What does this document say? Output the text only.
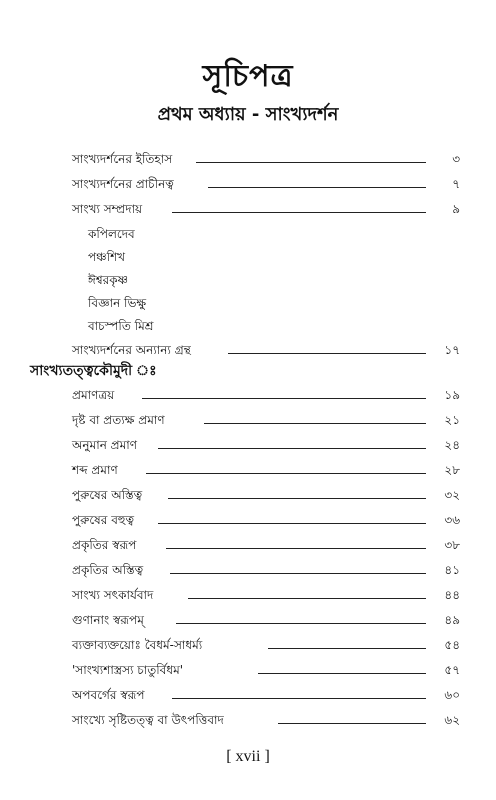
সূচিপত্র
প্রথম অধ্যায় - সাংখ্যদর্শন
সাংখ্যদর্শনের ইতিহাস	৩
সাংখ্যদর্শনের প্রাচীনত্ব	৭
সাংখ্য সম্প্রদায়	৯
কপিলদেব
পঞ্চশিখ
ঈশ্বরকৃষ্ণ
বিজ্ঞান ভিক্ষু
বাচস্পতি মিশ্র
সাংখ্যদর্শনের অন্যান্য গ্রন্থ	১৭
সাংখ্যতত্ত্বকৌমুদী ঃ
প্রমাণত্রয়	১৯
দৃষ্ট বা প্রত্যক্ষ প্রমাণ	২১
অনুমান প্রমাণ	২৪
শব্দ প্রমাণ	২৮
পুরুষের অস্তিত্ব	৩২
পুরুষের বহুত্ব	৩৬
প্রকৃতির স্বরূপ	৩৮
প্রকৃতির অস্তিত্ব	৪১
সাংখ্য সৎকার্যবাদ	৪৪
গুণানাং স্বরূপম্	৪৯
ব্যক্তাব্যক্তয়োঃ বৈধর্ম-সাধর্ম্য	৫৪
'সাংখ্যশাস্ত্রস্য চাতুর্বিধম'	৫৭
অপবর্গের স্বরূপ	৬০
সাংখ্যে সৃষ্টিতত্ত্ব বা উৎপত্তিবাদ	৬২
[ xvii ]
